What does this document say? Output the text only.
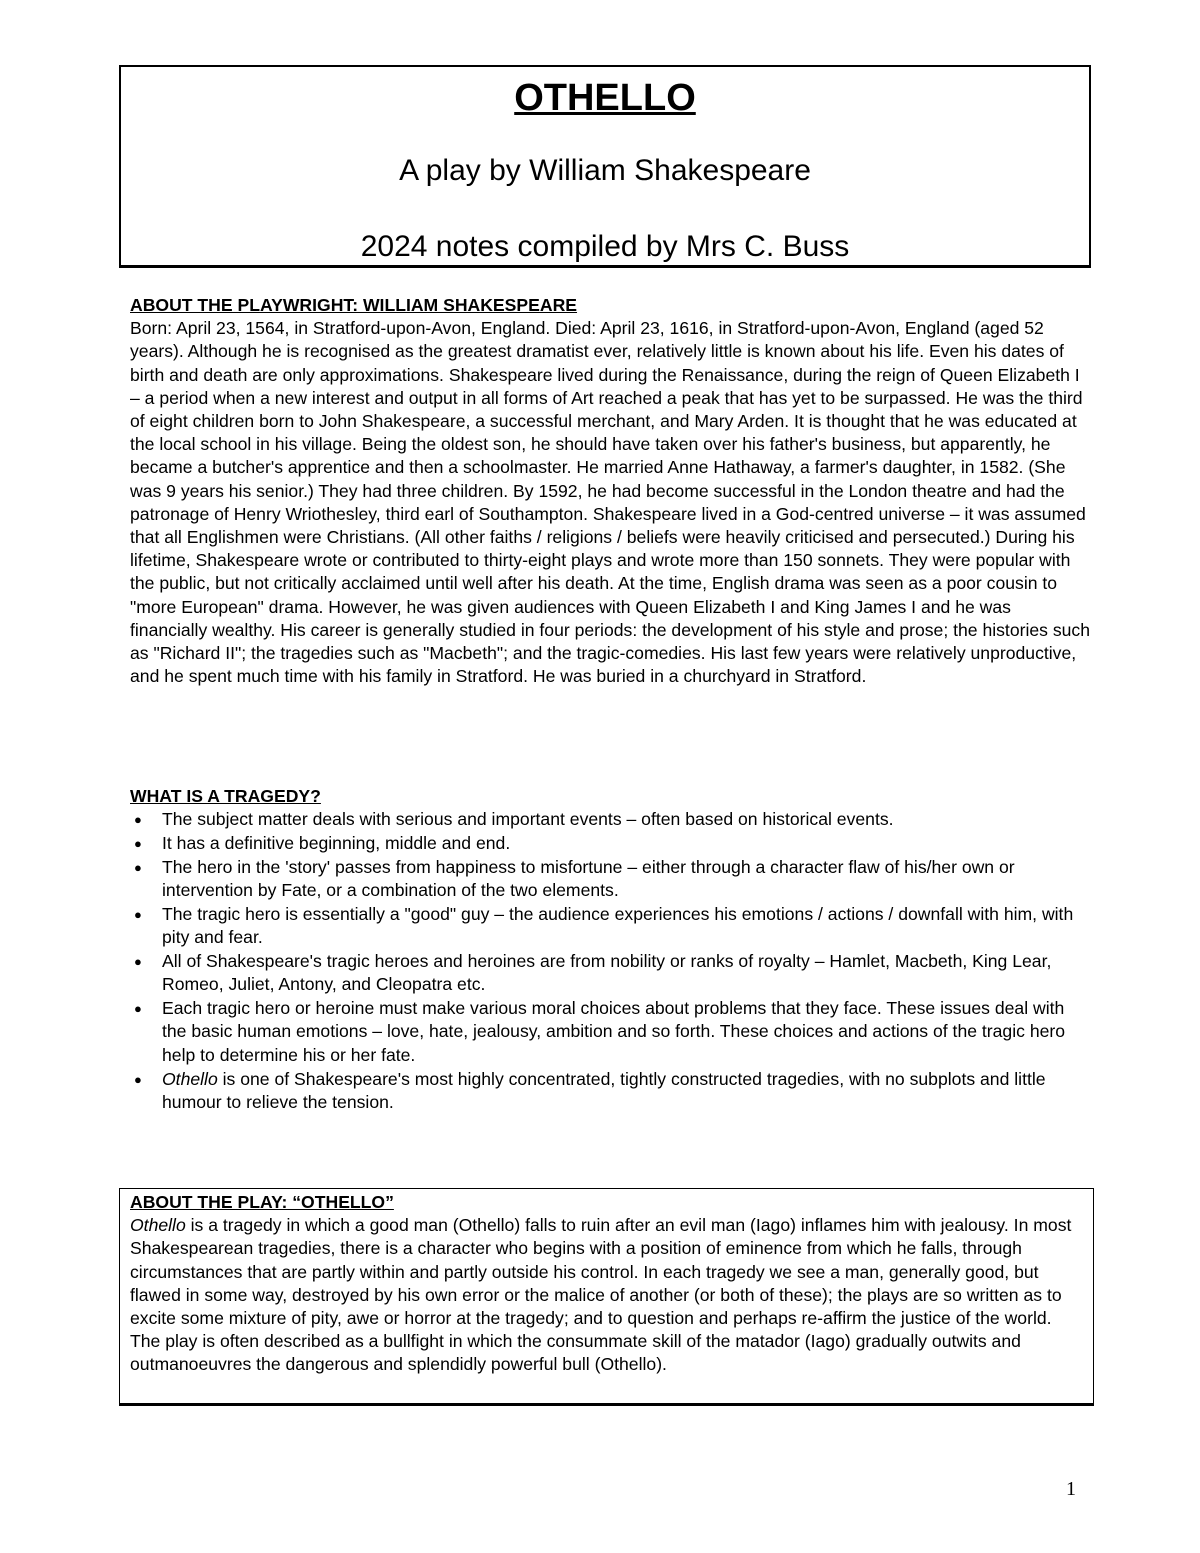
OTHELLO
A play by William Shakespeare
2024 notes compiled by Mrs C. Buss
ABOUT THE PLAYWRIGHT: WILLIAM SHAKESPEARE

Born: April 23, 1564, in Stratford-upon-Avon, England. Died: April 23, 1616, in Stratford-upon-Avon, England (aged 52 years). Although he is recognised as the greatest dramatist ever, relatively little is known about his life. Even his dates of birth and death are only approximations. Shakespeare lived during the Renaissance, during the reign of Queen Elizabeth I – a period when a new interest and output in all forms of Art reached a peak that has yet to be surpassed. He was the third of eight children born to John Shakespeare, a successful merchant, and Mary Arden. It is thought that he was educated at the local school in his village. Being the oldest son, he should have taken over his father's business, but apparently, he became a butcher's apprentice and then a schoolmaster. He married Anne Hathaway, a farmer's daughter, in 1582. (She was 9 years his senior.) They had three children. By 1592, he had become successful in the London theatre and had the patronage of Henry Wriothesley, third earl of Southampton. Shakespeare lived in a God-centred universe – it was assumed that all Englishmen were Christians. (All other faiths / religions / beliefs were heavily criticised and persecuted.) During his lifetime, Shakespeare wrote or contributed to thirty-eight plays and wrote more than 150 sonnets. They were popular with the public, but not critically acclaimed until well after his death. At the time, English drama was seen as a poor cousin to "more European" drama. However, he was given audiences with Queen Elizabeth I and King James I and he was financially wealthy. His career is generally studied in four periods: the development of his style and prose; the histories such as "Richard II"; the tragedies such as "Macbeth"; and the tragic-comedies. His last few years were relatively unproductive, and he spent much time with his family in Stratford. He was buried in a churchyard in Stratford.

WHAT IS A TRAGEDY?
● The subject matter deals with serious and important events – often based on historical events.
● It has a definitive beginning, middle and end.
● The hero in the 'story' passes from happiness to misfortune – either through a character flaw of his/her own or intervention by Fate, or a combination of the two elements.
● The tragic hero is essentially a "good" guy – the audience experiences his emotions / actions / downfall with him, with pity and fear.
● All of Shakespeare's tragic heroes and heroines are from nobility or ranks of royalty – Hamlet, Macbeth, King Lear, Romeo, Juliet, Antony, and Cleopatra etc.
● Each tragic hero or heroine must make various moral choices about problems that they face. These issues deal with the basic human emotions – love, hate, jealousy, ambition and so forth. These choices and actions of the tragic hero help to determine his or her fate.
● Othello is one of Shakespeare's most highly concentrated, tightly constructed tragedies, with no subplots and little humour to relieve the tension.
ABOUT THE PLAY: “OTHELLO”

Othello is a tragedy in which a good man (Othello) falls to ruin after an evil man (Iago) inflames him with jealousy. In most Shakespearean tragedies, there is a character who begins with a position of eminence from which he falls, through circumstances that are partly within and partly outside his control. In each tragedy we see a man, generally good, but flawed in some way, destroyed by his own error or the malice of another (or both of these); the plays are so written as to excite some mixture of pity, awe or horror at the tragedy; and to question and perhaps re-affirm the justice of the world.

The play is often described as a bullfight in which the consummate skill of the matador (Iago) gradually outwits and outmanoeuvres the dangerous and splendidly powerful bull (Othello).

1
